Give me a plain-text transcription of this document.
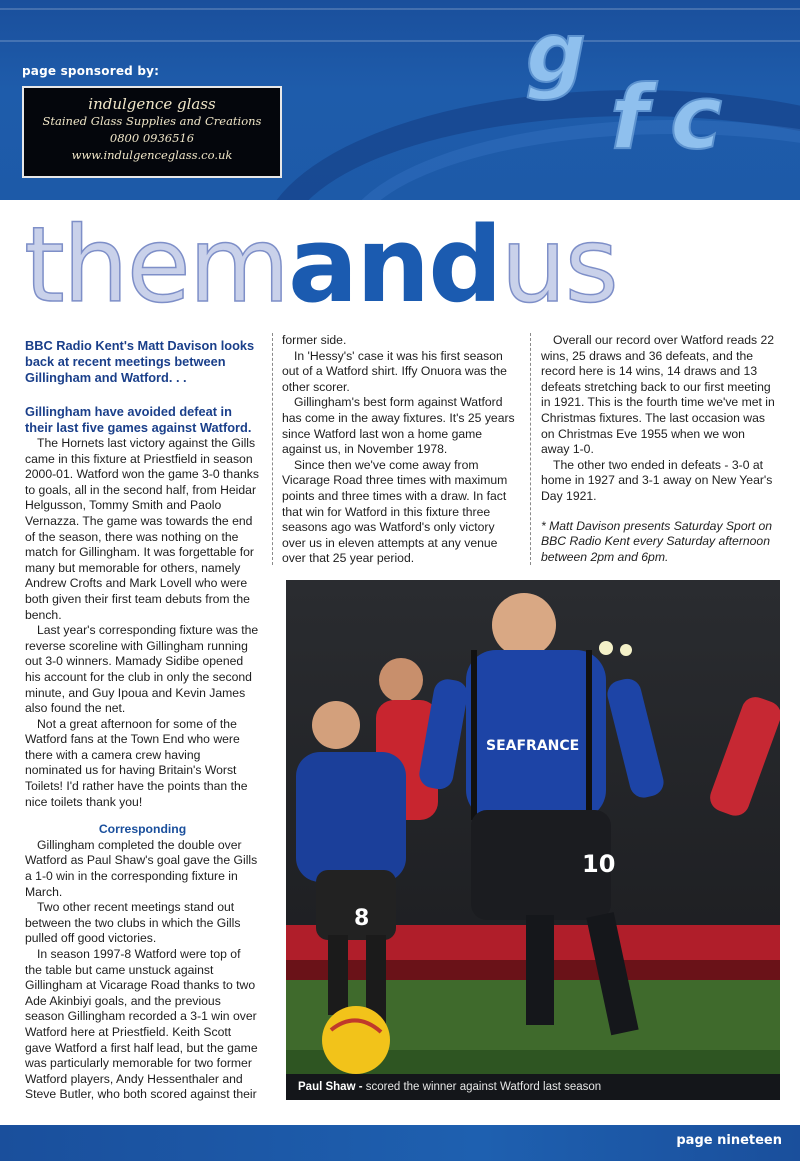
page sponsored by:
indulgence glass
Stained Glass Supplies and Creations
0800 0936516
www.indulgenceglass.co.uk
g
f c
themandus

BBC Radio Kent's Matt Davison looks back at recent meetings between Gillingham and Watford. . .

Gillingham have avoided defeat in their last five games against Watford.

The Hornets last victory against the Gills came in this fixture at Priestfield in season 2000-01. Watford won the game 3-0 thanks to goals, all in the second half, from Heidar Helgusson, Tommy Smith and Paolo Vernazza. The game was towards the end of the season, there was nothing on the match for Gillingham. It was forgettable for many but memorable for others, namely Andrew Crofts and Mark Lovell who were both given their first team debuts from the bench.

Last year's corresponding fixture was the reverse scoreline with Gillingham running out 3-0 winners. Mamady Sidibe opened his account for the club in only the second minute, and Guy Ipoua and Kevin James also found the net.

Not a great afternoon for some of the Watford fans at the Town End who were there with a camera crew having nominated us for having Britain's Worst Toilets! I'd rather have the points than the nice toilets thank you!

Corresponding

Gillingham completed the double over Watford as Paul Shaw's goal gave the Gills a 1-0 win in the corresponding fixture in March.

Two other recent meetings stand out between the two clubs in which the Gills pulled off good victories.

In season 1997-8 Watford were top of the table but came unstuck against Gillingham at Vicarage Road thanks to two Ade Akinbiyi goals, and the previous season Gillingham recorded a 3-1 win over Watford here at Priestfield. Keith Scott gave Watford a first half lead, but the game was particularly memorable for two former Watford players, Andy Hessenthaler and Steve Butler, who both scored against their

former side.

In 'Hessy's' case it was his first season out of a Watford shirt. Iffy Onuora was the other scorer.

Gillingham's best form against Watford has come in the away fixtures. It's 25 years since Watford last won a home game against us, in November 1978.

Since then we've come away from Vicarage Road three times with maximum points and three times with a draw. In fact that win for Watford in this fixture three seasons ago was Watford's only victory over us in eleven attempts at any venue over that 25 year period.

Overall our record over Watford reads 22 wins, 25 draws and 36 defeats, and the record here is 14 wins, 14 draws and 13 defeats stretching back to our first meeting in 1921. This is the fourth time we've met in Christmas fixtures. The last occasion was on Christmas Eve 1955 when we won away 1-0.

The other two ended in defeats - 3-0 at home in 1927 and 3-1 away on New Year's Day 1921.

* Matt Davison presents Saturday Sport on BBC Radio Kent every Saturday afternoon between 2pm and 6pm.

8
SEAFRANCE
10
Paul Shaw - scored the winner against Watford last season
page nineteen
